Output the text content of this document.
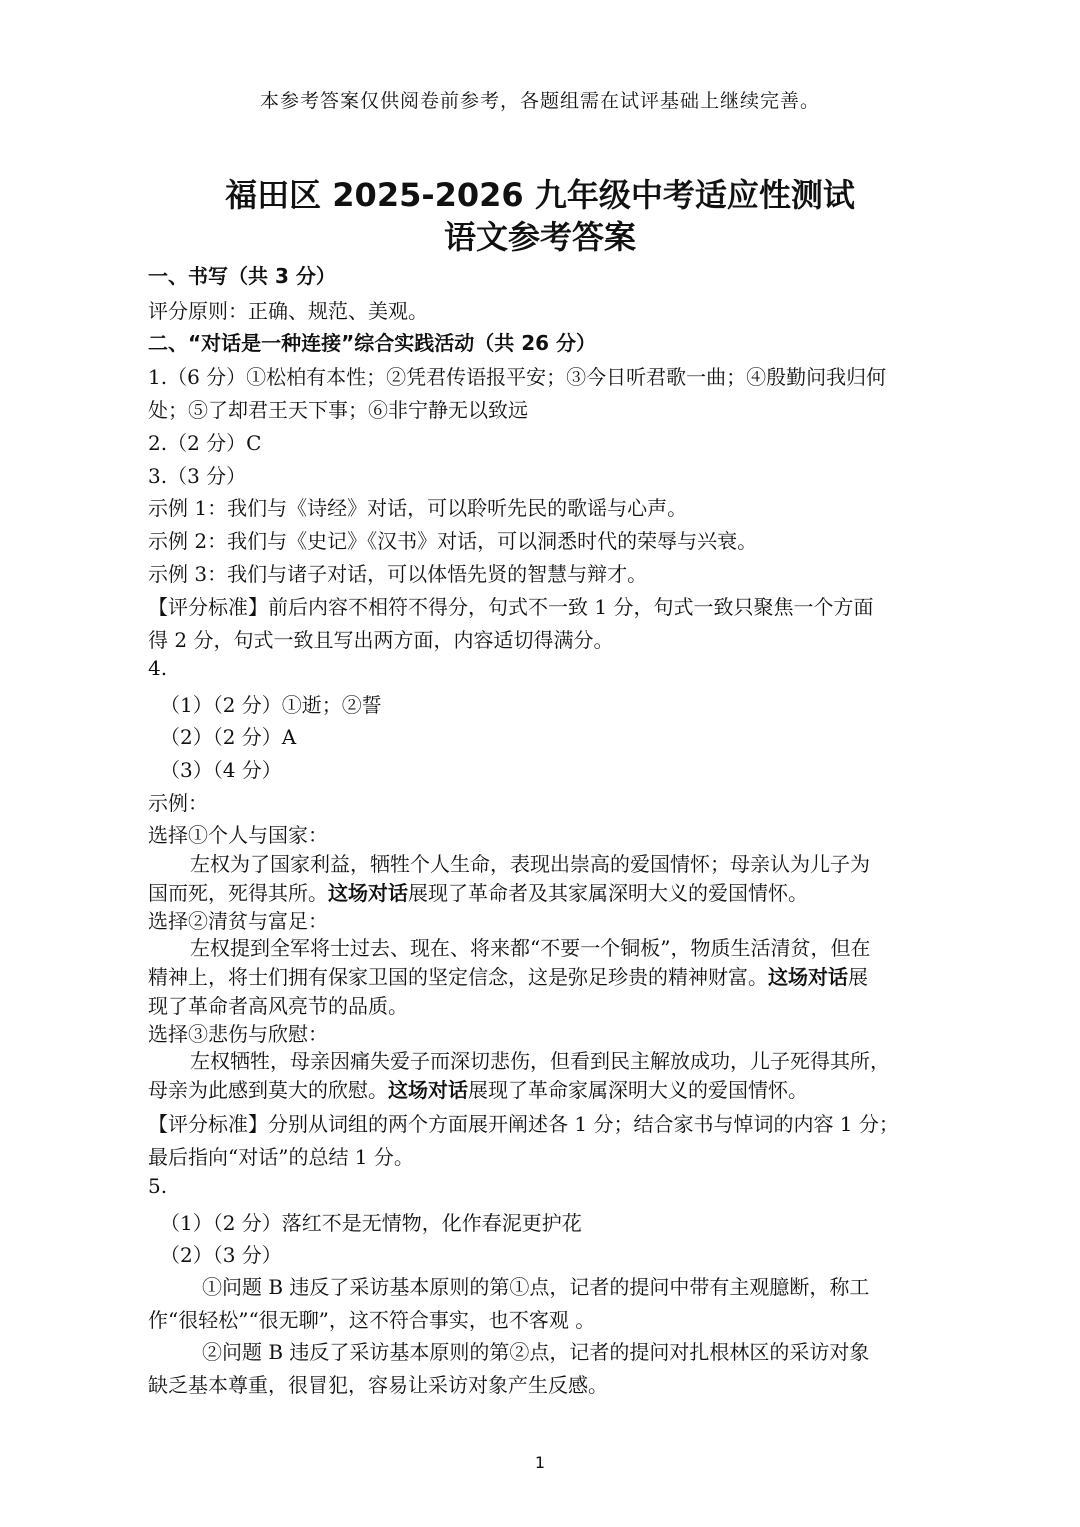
本参考答案仅供阅卷前参考，各题组需在试评基础上继续完善。
福田区 2025-2026 九年级中考适应性测试
语文参考答案
一、书写（共 3 分）
评分原则：正确、规范、美观。
二、“对话是一种连接”综合实践活动（共 26 分）
1.（6 分）①松柏有本性；②凭君传语报平安；③今日听君歌一曲；④殷勤问我归何
处；⑤了却君王天下事；⑥非宁静无以致远
2.（2 分）C
3.（3 分）
示例 1：我们与《诗经》对话，可以聆听先民的歌谣与心声。
示例 2：我们与《史记》《汉书》对话，可以洞悉时代的荣辱与兴衰。
示例 3：我们与诸子对话，可以体悟先贤的智慧与辩才。
【评分标准】前后内容不相符不得分，句式不一致 1 分，句式一致只聚焦一个方面
得 2 分，句式一致且写出两方面，内容适切得满分。
4.
（1）（2 分）①逝；②誓
（2）（2 分）A
（3）（4 分）
示例：
选择①个人与国家：
左权为了国家利益，牺牲个人生命，表现出崇高的爱国情怀；母亲认为儿子为
国而死，死得其所。这场对话展现了革命者及其家属深明大义的爱国情怀。
选择②清贫与富足：
左权提到全军将士过去、现在、将来都“不要一个铜板”，物质生活清贫，但在
精神上，将士们拥有保家卫国的坚定信念，这是弥足珍贵的精神财富。这场对话展
现了革命者高风亮节的品质。
选择③悲伤与欣慰：
左权牺牲，母亲因痛失爱子而深切悲伤，但看到民主解放成功，儿子死得其所，
母亲为此感到莫大的欣慰。这场对话展现了革命家属深明大义的爱国情怀。
【评分标准】分别从词组的两个方面展开阐述各 1 分；结合家书与悼词的内容 1 分；
最后指向“对话”的总结 1 分。
5.
（1）（2 分）落红不是无情物，化作春泥更护花
（2）（3 分）
①问题 B 违反了采访基本原则的第①点，记者的提问中带有主观臆断，称工
作“很轻松”“很无聊”，这不符合事实，也不客观 。
②问题 B 违反了采访基本原则的第②点，记者的提问对扎根林区的采访对象
缺乏基本尊重，很冒犯，容易让采访对象产生反感。
1
